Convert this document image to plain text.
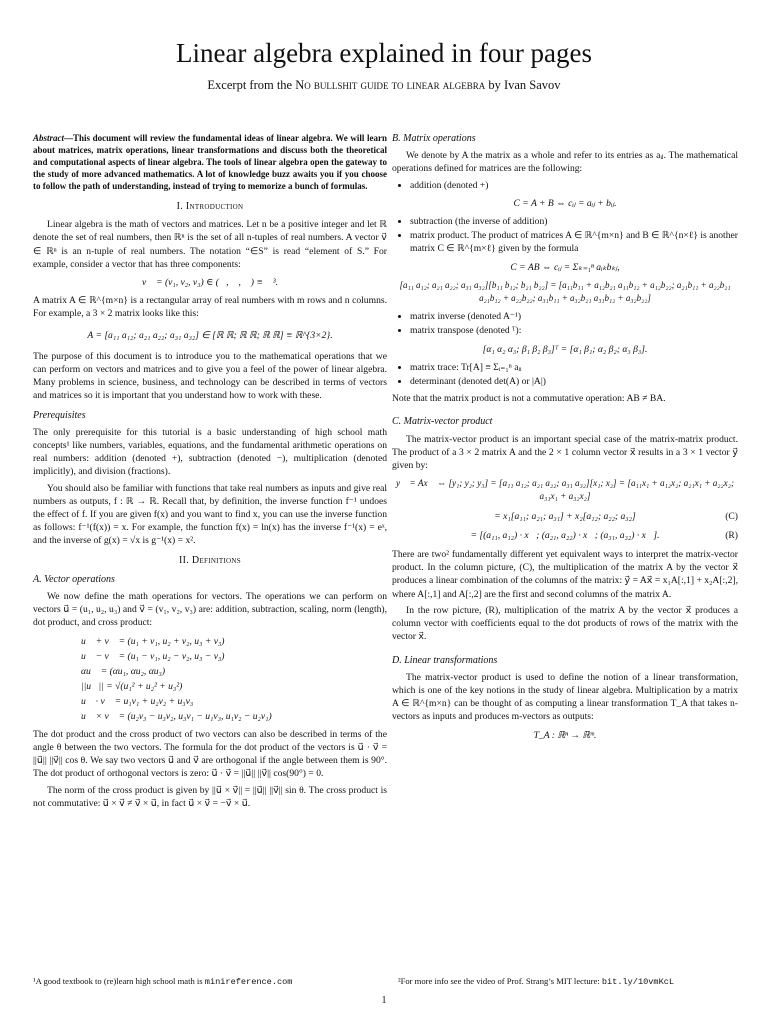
Linear algebra explained in four pages
Excerpt from the No bullshit guide to linear algebra by Ivan Savov

Abstract—This document will review the fundamental ideas of linear algebra. We will learn about matrices, matrix operations, linear transformations and discuss both the theoretical and computational aspects of linear algebra. The tools of linear algebra open the gateway to the study of more advanced mathematics. A lot of knowledge buzz awaits you if you choose to follow the path of understanding, instead of trying to memorize a bunch of formulas.

I. Introduction

Linear algebra is the math of vectors and matrices. Let n be a positive integer and let ℝ denote the set of real numbers, then ℝⁿ is the set of all n-tuples of real numbers. A vector v⃗ ∈ ℝⁿ is an n-tuple of real numbers. The notation “∈S” is read “element of S.” For example, consider a vector that has three components:

v⃗ = (v₁, v₂, v₃) ∈ (ℝ, ℝ, ℝ) ≡ ℝ³.

A matrix A ∈ ℝ^{m×n} is a rectangular array of real numbers with m rows and n columns. For example, a 3 × 2 matrix looks like this:

A = [a₁₁ a₁₂; a₂₁ a₂₂; a₃₁ a₃₂] ∈ [ℝ ℝ; ℝ ℝ; ℝ ℝ] ≡ ℝ^{3×2}.

The purpose of this document is to introduce you to the mathematical operations that we can perform on vectors and matrices and to give you a feel of the power of linear algebra. Many problems in science, business, and technology can be described in terms of vectors and matrices so it is important that you understand how to work with these.

Prerequisites

The only prerequisite for this tutorial is a basic understanding of high school math concepts¹ like numbers, variables, equations, and the fundamental arithmetic operations on real numbers: addition (denoted +), subtraction (denoted −), multiplication (denoted implicitly), and division (fractions).

You should also be familiar with functions that take real numbers as inputs and give real numbers as outputs, f : ℝ → ℝ. Recall that, by definition, the inverse function f⁻¹ undoes the effect of f. If you are given f(x) and you want to find x, you can use the inverse function as follows: f⁻¹(f(x)) = x. For example, the function f(x) = ln(x) has the inverse f⁻¹(x) = eˣ, and the inverse of g(x) = √x is g⁻¹(x) = x².

II. Definitions
A. Vector operations

We now define the math operations for vectors. The operations we can perform on vectors u⃗ = (u₁, u₂, u₃) and v⃗ = (v₁, v₂, v₃) are: addition, subtraction, scaling, norm (length), dot product, and cross product:

u⃗ + v⃗ = (u₁ + v₁, u₂ + v₂, u₃ + v₃)
u⃗ − v⃗ = (u₁ − v₁, u₂ − v₂, u₃ − v₃)
αu⃗ = (αu₁, αu₂, αu₃)
||u⃗|| = √(u₁² + u₂² + u₃²)
u⃗ · v⃗ = u₁v₁ + u₂v₂ + u₃v₃
u⃗ × v⃗ = (u₂v₃ − u₃v₂, u₃v₁ − u₁v₃, u₁v₂ − u₂v₁)

The dot product and the cross product of two vectors can also be described in terms of the angle θ between the two vectors. The formula for the dot product of the vectors is u⃗ · v⃗ = ||u⃗|| ||v⃗|| cos θ. We say two vectors u⃗ and v⃗ are orthogonal if the angle between them is 90°. The dot product of orthogonal vectors is zero: u⃗ · v⃗ = ||u⃗|| ||v⃗|| cos(90°) = 0.

The norm of the cross product is given by ||u⃗ × v⃗|| = ||u⃗|| ||v⃗|| sin θ. The cross product is not commutative: u⃗ × v⃗ ≠ v⃗ × u⃗, in fact u⃗ × v⃗ = −v⃗ × u⃗.

¹A good textbook to (re)learn high school math is minireference.com
B. Matrix operations

We denote by A the matrix as a whole and refer to its entries as aᵢⱼ. The mathematical operations defined for matrices are the following:

• addition (denoted +)
C = A + B ⇔ cᵢⱼ = aᵢⱼ + bᵢⱼ.
• subtraction (the inverse of addition)
• matrix product. The product of matrices A ∈ ℝ^{m×n} and B ∈ ℝ^{n×ℓ} is another matrix C ∈ ℝ^{m×ℓ} given by the formula
C = AB ⇔ cᵢⱼ = Σₖ₌₁ⁿ aᵢₖbₖⱼ,
[a₁₁ a₁₂; a₂₁ a₂₂; a₃₁ a₃₂][b₁₁ b₁₂; b₂₁ b₂₂] = [a₁₁b₁₁ + a₁₂b₂₁ a₁₁b₁₂ + a₁₂b₂₂; a₂₁b₁₁ + a₂₂b₂₁ a₂₁b₁₂ + a₂₂b₂₂; a₃₁b₁₁ + a₃₂b₂₁ a₃₁b₁₂ + a₃₂b₂₂]
• matrix inverse (denoted A⁻¹)
• matrix transpose (denoted ᵀ):
[α₁ α₂ α₃; β₁ β₂ β₃]ᵀ = [α₁ β₁; α₂ β₂; α₃ β₃].
• matrix trace: Tr[A] ≡ Σᵢ₌₁ⁿ aᵢᵢ
• determinant (denoted det(A) or |A|)

Note that the matrix product is not a commutative operation: AB ≠ BA.

C. Matrix-vector product

The matrix-vector product is an important special case of the matrix-matrix product. The product of a 3 × 2 matrix A and the 2 × 1 column vector x⃗ results in a 3 × 1 vector y⃗ given by:

y⃗ = Ax⃗ ⇔ [y₁; y₂; y₃] = [a₁₁ a₁₂; a₂₁ a₂₂; a₃₁ a₃₂][x₁; x₂] = [a₁₁x₁ + a₁₂x₂; a₂₁x₁ + a₂₂x₂; a₃₁x₁ + a₃₂x₂]
= x₁[a₁₁; a₂₁; a₃₁] + x₂[a₁₂; a₂₂; a₃₂]	(C)
= [(a₁₁, a₁₂) · x⃗; (a₂₁, a₂₂) · x⃗; (a₃₁, a₃₂) · x⃗].	(R)

There are two² fundamentally different yet equivalent ways to interpret the matrix-vector product. In the column picture, (C), the multiplication of the matrix A by the vector x⃗ produces a linear combination of the columns of the matrix: y⃗ = Ax⃗ = x₁A[:,1] + x₂A[:,2], where A[:,1] and A[:,2] are the first and second columns of the matrix A.

In the row picture, (R), multiplication of the matrix A by the vector x⃗ produces a column vector with coefficients equal to the dot products of rows of the matrix with the vector x⃗.

D. Linear transformations

The matrix-vector product is used to define the notion of a linear transformation, which is one of the key notions in the study of linear algebra. Multiplication by a matrix A ∈ ℝ^{m×n} can be thought of as computing a linear transformation T_A that takes n-vectors as inputs and produces m-vectors as outputs:

T_A : ℝⁿ → ℝᵐ.
²For more info see the video of Prof. Strang’s MIT lecture: bit.ly/10vmKcL
1
